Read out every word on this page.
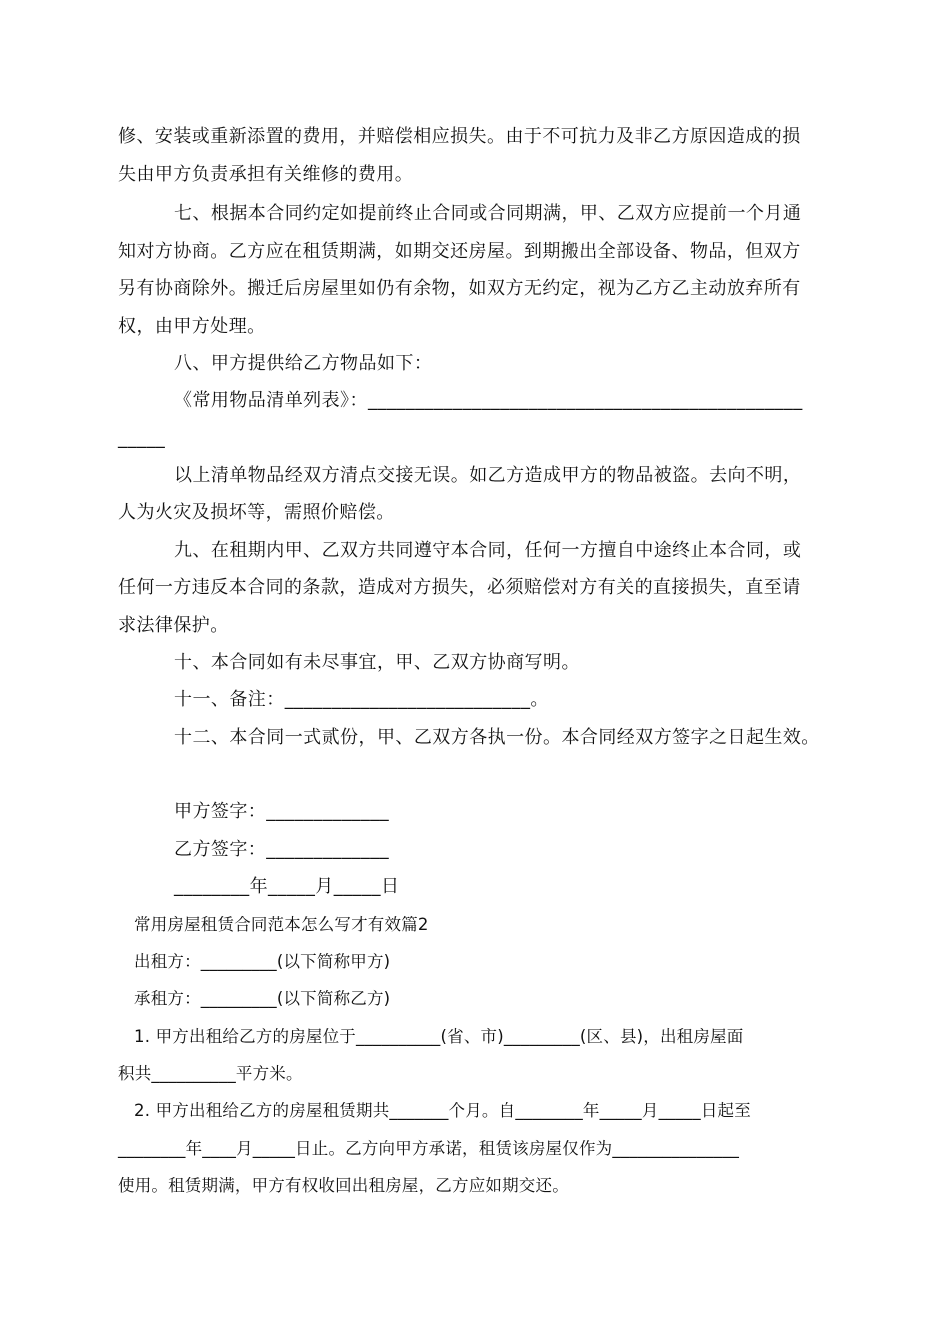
修、安装或重新添置的费用，并赔偿相应损失。由于不可抗力及非乙方原因造成的损
失由甲方负责承担有关维修的费用。
七、根据本合同约定如提前终止合同或合同期满，甲、乙双方应提前一个月通
知对方协商。乙方应在租赁期满，如期交还房屋。到期搬出全部设备、物品，但双方
另有协商除外。搬迁后房屋里如仍有余物，如双方无约定，视为乙方乙主动放弃所有
权，由甲方处理。
八、甲方提供给乙方物品如下：
《常用物品清单列表》：______________________________________________
_____
以上清单物品经双方清点交接无误。如乙方造成甲方的物品被盗。去向不明，
人为火灾及损坏等，需照价赔偿。
九、在租期内甲、乙双方共同遵守本合同，任何一方擅自中途终止本合同，或
任何一方违反本合同的条款，造成对方损失，必须赔偿对方有关的直接损失，直至请
求法律保护。
十、本合同如有未尽事宜，甲、乙双方协商写明。
十一、备注：__________________________。
十二、本合同一式贰份，甲、乙双方各执一份。本合同经双方签字之日起生效。
甲方签字：_____________
乙方签字：_____________
________年_____月_____日
常用房屋租赁合同范本怎么写才有效篇2
出租方：_________(以下简称甲方)
承租方：_________(以下简称乙方)
1. 甲方出租给乙方的房屋位于__________(省、市)_________(区、县)，出租房屋面
积共__________平方米。
2. 甲方出租给乙方的房屋租赁期共_______个月。自________年_____月_____日起至
________年____月_____日止。乙方向甲方承诺，租赁该房屋仅作为_______________
使用。租赁期满，甲方有权收回出租房屋，乙方应如期交还。
